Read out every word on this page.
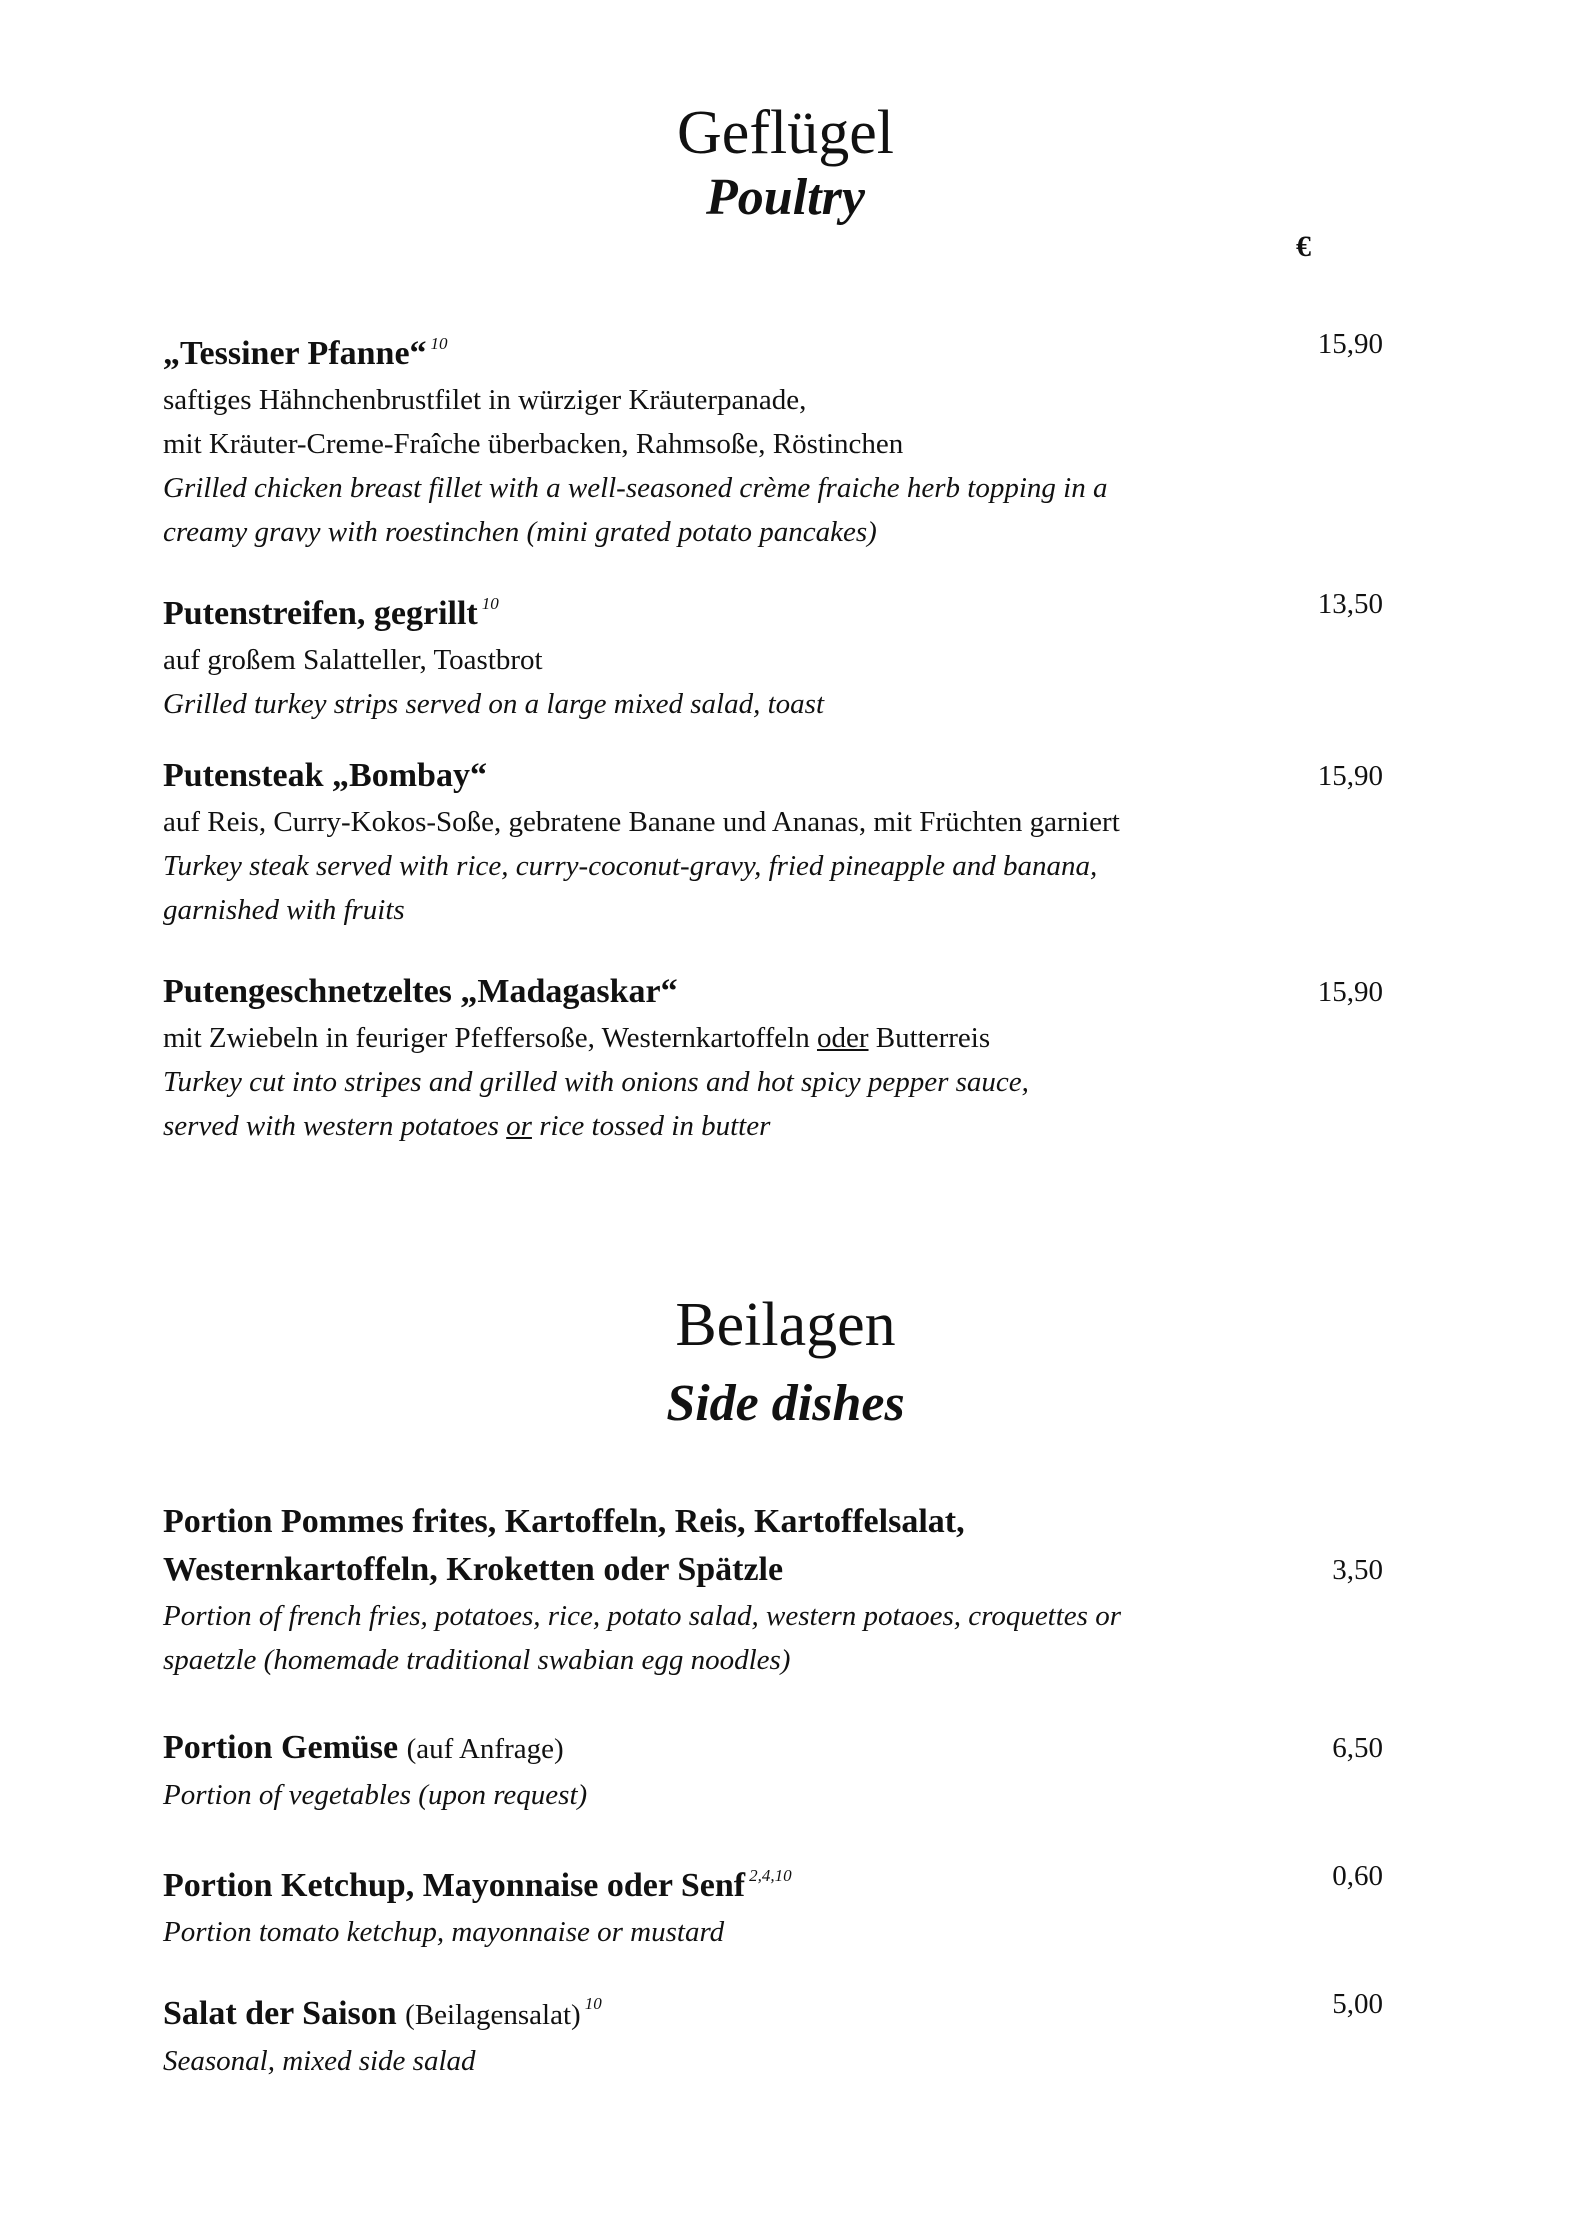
Geflügel
Poultry
€
„Tessiner Pfanne“ $^{10}$	15,90
saftiges Hähnchenbrustfilet in würziger Kräuterpanade,
mit Kräuter-Creme-Fraîche überbacken, Rahmsoße, Röstinchen
Grilled chicken breast fillet with a well-seasoned crème fraiche herb topping in a
creamy gravy with roestinchen (mini grated potato pancakes)
Putenstreifen, gegrillt $^{10}$	13,50
auf großem Salatteller, Toastbrot
Grilled turkey strips served on a large mixed salad, toast
Putensteak „Bombay“	15,90
auf Reis, Curry-Kokos-Soße, gebratene Banane und Ananas, mit Früchten garniert
Turkey steak served with rice, curry-coconut-gravy, fried pineapple and banana,
garnished with fruits
Putengeschnetzeltes „Madagaskar“	15,90
mit Zwiebeln in feuriger Pfeffersoße, Westernkartoffeln oder Butterreis
Turkey cut into stripes and grilled with onions and hot spicy pepper sauce,
served with western potatoes or rice tossed in butter
Beilagen
Side dishes
Portion Pommes frites, Kartoffeln, Reis, Kartoffelsalat,
Westernkartoffeln, Kroketten oder Spätzle	3,50
Portion of french fries, potatoes, rice, potato salad, western potaoes, croquettes or
spaetzle (homemade traditional swabian egg noodles)
Portion Gemüse (auf Anfrage)	6,50
Portion of vegetables (upon request)
Portion Ketchup, Mayonnaise oder Senf $^{2,4,10}$	0,60
Portion tomato ketchup, mayonnaise or mustard
Salat der Saison (Beilagensalat) $^{10}$	5,00
Seasonal, mixed side salad
